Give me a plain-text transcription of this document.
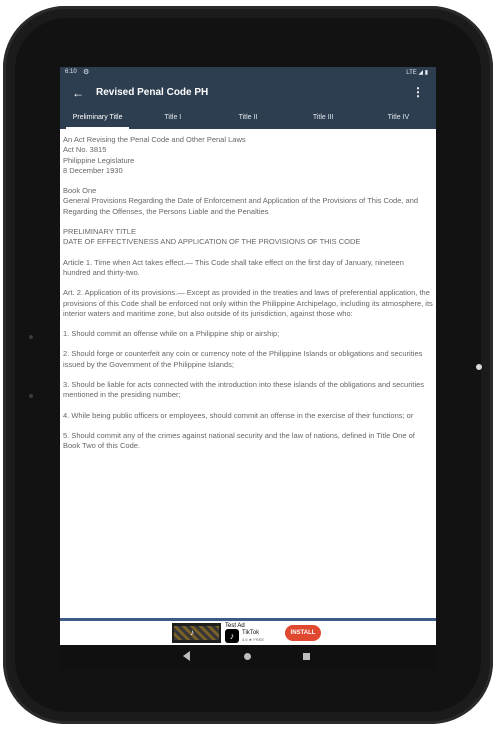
6:10 ⚙	LTE ◢ ▮
← Revised Penal Code PH	⋮
Preliminary Title	Title I	Title II	Title III	Title IV
An Act Revising the Penal Code and Other Penal Laws
Act No. 3815
Philippine Legislature
8 December 1930
Book One

General Provisions Regarding the Date of Enforcement and Application of the Provisions of This Code, and Regarding the Offenses, the Persons Liable and the Penalties

PRELIMINARY TITLE

DATE OF EFFECTIVENESS AND APPLICATION OF THE PROVISIONS OF THIS CODE

Article 1. Time when Act takes effect.— This Code shall take effect on the first day of January, nineteen hundred and thirty-two.

Art. 2. Application of its provisions.— Except as provided in the treaties and laws of preferential application, the provisions of this Code shall be enforced not only within the Philippine Archipelago, including its atmosphere, its interior waters and maritime zone, but also outside of its jurisdiction, against those who:

1. Should commit an offense while on a Philippine ship or airship;

2. Should forge or counterfeit any coin or currency note of the Philippine Islands or obligations and securities issued by the Government of the Philippine Islands;

3. Should be liable for acts connected with the introduction into these islands of the obligations and securities mentioned in the presiding number;

4. While being public officers or employees, should commit an offense in the exercise of their functions; or

5. Should commit any of the crimes against national security and the law of nations, defined in Title One of Book Two of this Code.

♪
Test Ad
♪	TikTok
4.5 ★ FREE
INSTALL
